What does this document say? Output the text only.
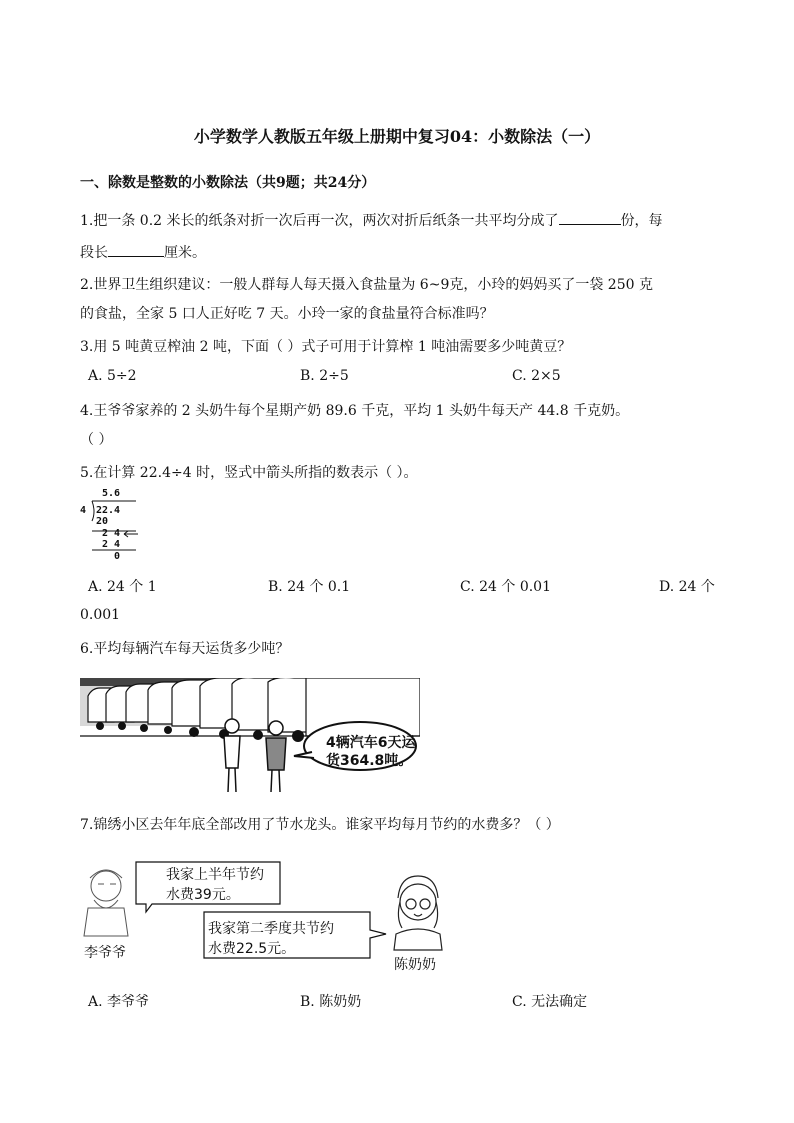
小学数学人教版五年级上册期中复习04：小数除法（一）
一、除数是整数的小数除法（共9题；共24分）
1.把一条 0.2 米长的纸条对折一次后再一次，两次对折后纸条一共平均分成了	份，每
段长	厘米。
2.世界卫生组织建议：一般人群每人每天摄入食盐量为 6~9克，小玲的妈妈买了一袋 250 克
的食盐，全家 5 口人正好吃 7 天。小玲一家的食盐量符合标准吗？
3.用 5 吨黄豆榨油 2 吨，下面（ ）式子可用于计算榨 1 吨油需要多少吨黄豆？
A. 5÷2	B. 2÷5	C. 2×5
4.王爷爷家养的 2 头奶牛每个星期产奶 89.6 千克，平均 1 头奶牛每天产 44.8 千克奶。
（ ）
5.在计算 22.4÷4 时，竖式中箭头所指的数表示（ ）。
5.6
4 22.4
20
2 4
2 4
0
A. 24 个 1	B. 24 个 0.1	C. 24 个 0.01	D. 24 个
0.001
6.平均每辆汽车每天运货多少吨？
4辆汽车6天运
货364.8吨。
7.锦绣小区去年年底全部改用了节水龙头。谁家平均每月节约的水费多？（ ）
我家上半年节约
水费39元。
我家第二季度共节约
水费22.5元。
李爷爷
陈奶奶
A. 李爷爷	B. 陈奶奶	C. 无法确定
